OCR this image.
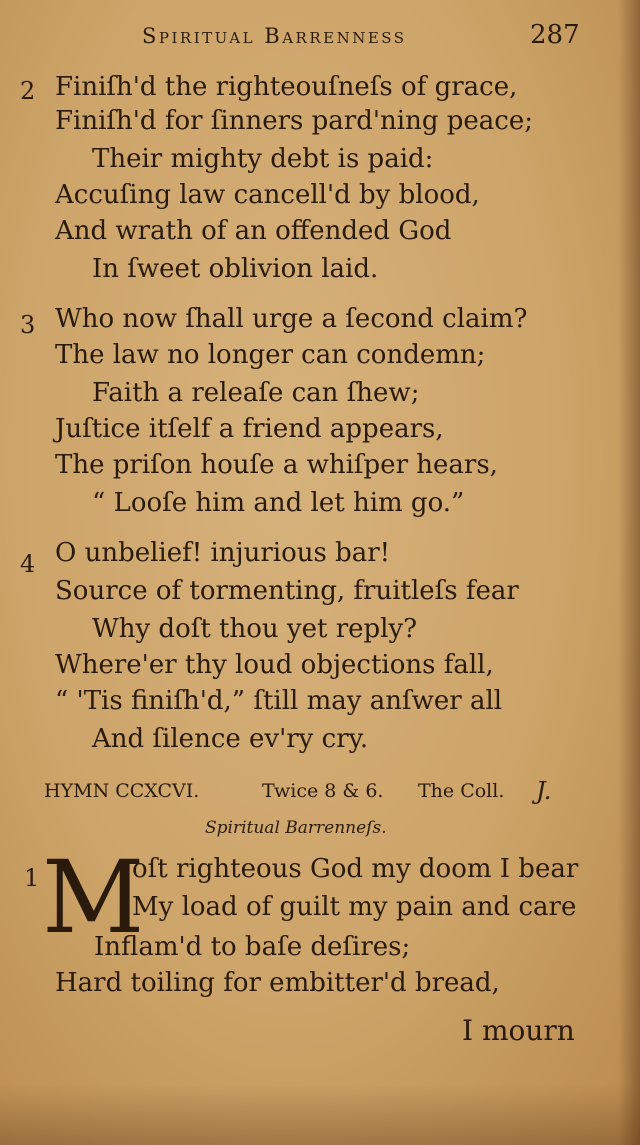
Spiritual Barrenness	287
2 Finiſh'd the righteouſneſs of grace,
Finiſh'd for ſinners pard'ning peace;
Their mighty debt is paid:
Accuſing law cancell'd by blood,
And wrath of an offended God
In ſweet oblivion laid.
3 Who now ſhall urge a ſecond claim?
The law no longer can condemn;
Faith a releaſe can ſhew;
Juſtice itſelf a friend appears,
The priſon houſe a whiſper hears,
“ Looſe him and let him go.”
4 O unbelief! injurious bar!
Source of tormenting, fruitleſs fear
Why doſt thou yet reply?
Where'er thy loud objections fall,
“ 'Tis finiſh'd,” ſtill may anſwer all
And ſilence ev'ry cry.
HYMN CCXCVI.	Twice 8 & 6. The Coll. J.
Spiritual Barrenneſs.
1 M
oſt righteous God my doom I bear
My load of guilt my pain and care
Inflam'd to baſe deſires;
Hard toiling for embitter'd bread,
I mourn
